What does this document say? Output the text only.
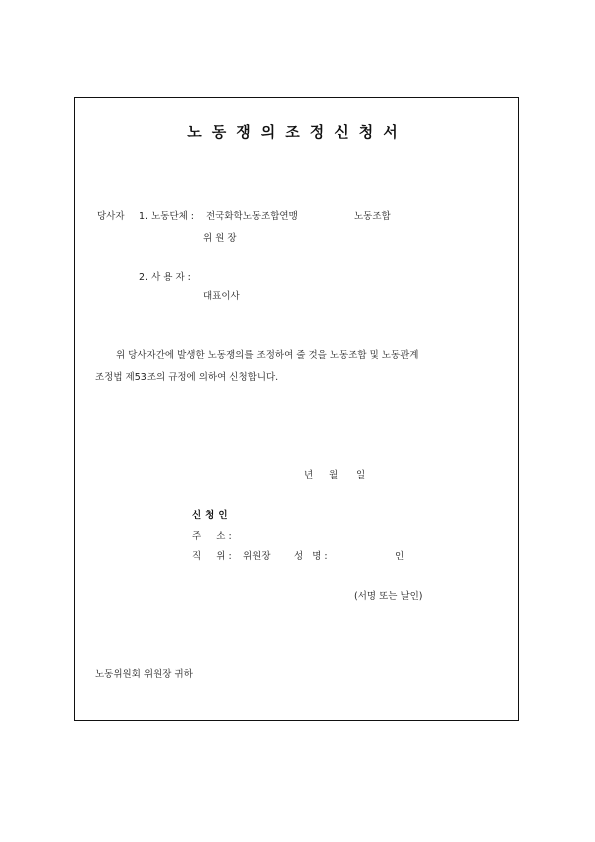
노동쟁의조정신청서
당사자 1. 노동단체 : 전국화학노동조합연맹	노동조합
위 원 장
2. 사 용 자 :
대표이사
위 당사자간에 발생한 노동쟁의를 조정하여 줄 것을 노동조합 및 노동관계
조정법 제53조의 규정에 의하여 신청합니다.
년 월 일
신청인
주     소 :
직     위 : 위원장 성   명 :	인
(서명 또는 날인)
노동위원회 위원장 귀하
